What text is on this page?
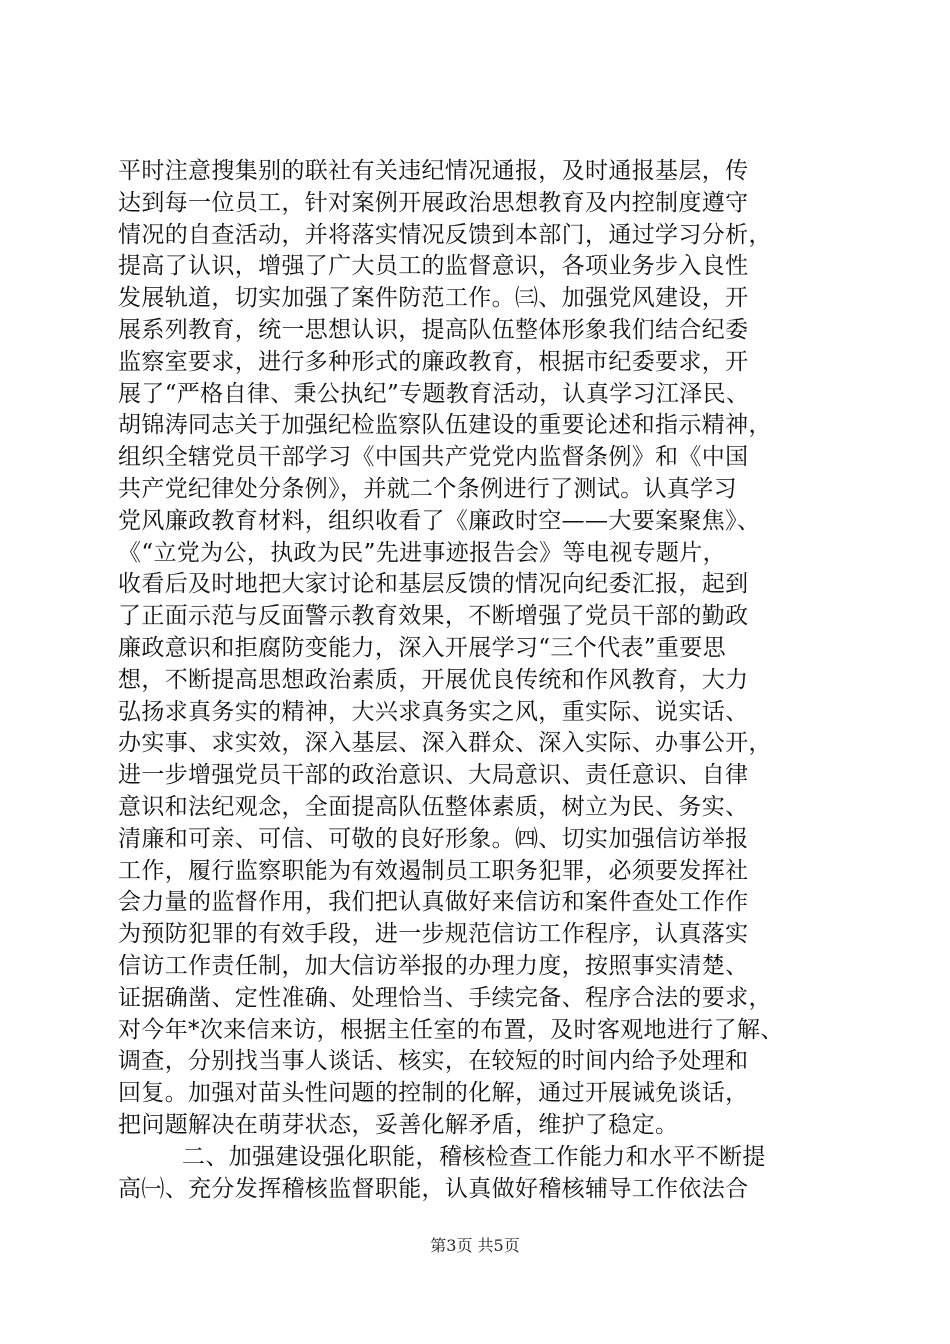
平时注意搜集别的联社有关违纪情况通报，及时通报基层，传
达到每一位员工，针对案例开展政治思想教育及内控制度遵守
情况的自查活动，并将落实情况反馈到本部门，通过学习分析，
提高了认识，增强了广大员工的监督意识，各项业务步入良性
发展轨道，切实加强了案件防范工作。㈢、加强党风建设，开
展系列教育，统一思想认识，提高队伍整体形象我们结合纪委
监察室要求，进行多种形式的廉政教育，根据市纪委要求，开
展了“严格自律、秉公执纪”专题教育活动，认真学习江泽民、
胡锦涛同志关于加强纪检监察队伍建设的重要论述和指示精神，
组织全辖党员干部学习《中国共产党党内监督条例》和《中国
共产党纪律处分条例》，并就二个条例进行了测试。认真学习
党风廉政教育材料，组织收看了《廉政时空——大要案聚焦》、
《“立党为公，执政为民”先进事迹报告会》等电视专题片，
收看后及时地把大家讨论和基层反馈的情况向纪委汇报，起到
了正面示范与反面警示教育效果，不断增强了党员干部的勤政
廉政意识和拒腐防变能力，深入开展学习“三个代表”重要思
想，不断提高思想政治素质，开展优良传统和作风教育，大力
弘扬求真务实的精神，大兴求真务实之风，重实际、说实话、
办实事、求实效，深入基层、深入群众、深入实际、办事公开，
进一步增强党员干部的政治意识、大局意识、责任意识、自律
意识和法纪观念，全面提高队伍整体素质，树立为民、务实、
清廉和可亲、可信、可敬的良好形象。㈣、切实加强信访举报
工作，履行监察职能为有效遏制员工职务犯罪，必须要发挥社
会力量的监督作用，我们把认真做好来信访和案件查处工作作
为预防犯罪的有效手段，进一步规范信访工作程序，认真落实
信访工作责任制，加大信访举报的办理力度，按照事实清楚、
证据确凿、定性准确、处理恰当、手续完备、程序合法的要求，
对今年*次来信来访，根据主任室的布置，及时客观地进行了解、
调查，分别找当事人谈话、核实，在较短的时间内给予处理和
回复。加强对苗头性问题的控制的化解，通过开展诫免谈话，
把问题解决在萌芽状态，妥善化解矛盾，维护了稳定。
二、加强建设强化职能，稽核检查工作能力和水平不断提
高㈠、充分发挥稽核监督职能，认真做好稽核辅导工作依法合
第3页 共5页
